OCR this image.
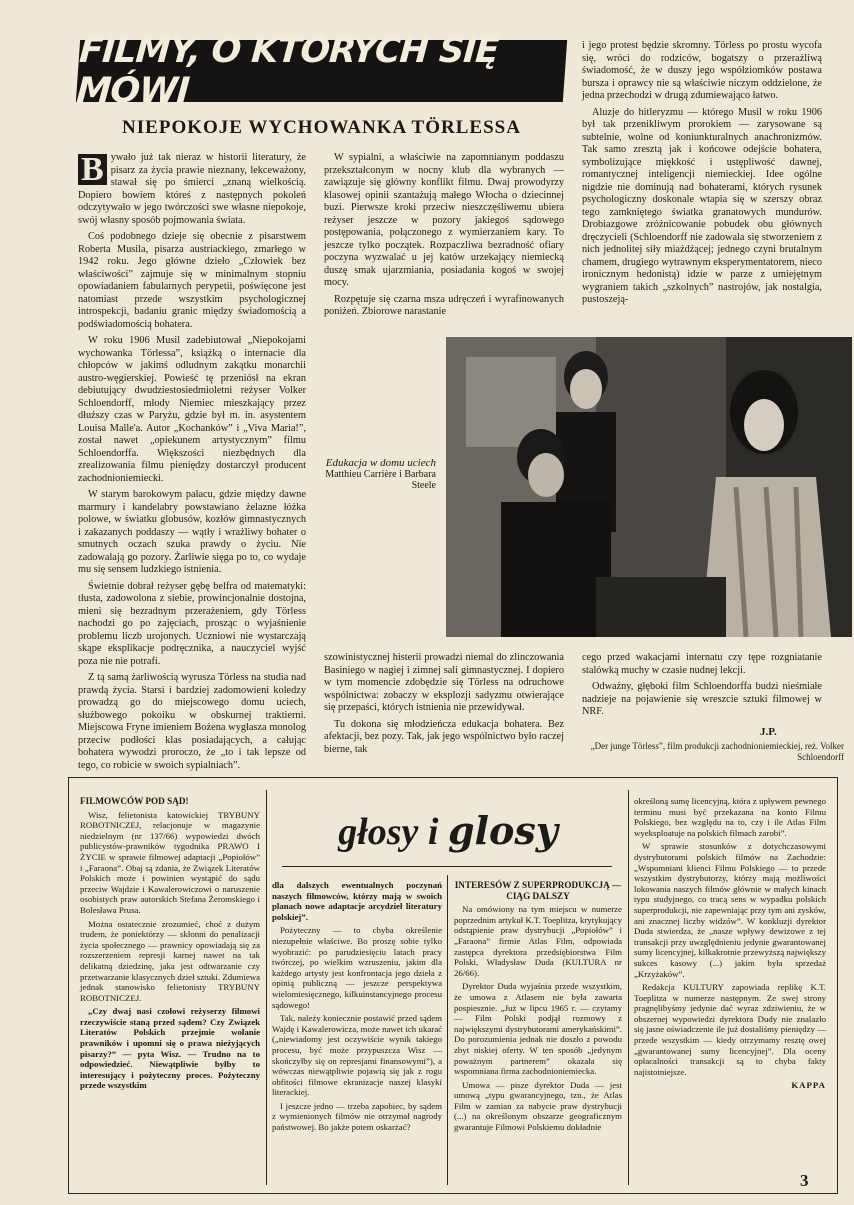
FILMY, O KTÓRYCH SIĘ MÓWI
NIEPOKOJE WYCHOWANKA TÖRLESSA

B ywało już tak nieraz w historii literatury, że pisarz za życia prawie nieznany, lekceważony, stawał się po śmierci „znaną wielkością. Dopiero bowiem któreś z następnych pokoleń odczytywało w jego twórczości swe własne niepokoje, swój własny sposób pojmowania świata.

Coś podobnego dzieje się obecnie z pisarstwem Roberta Musila, pisarza austriackiego, zmarłego w 1942 roku. Jego główne dzieło „Człowiek bez właściwości” zajmuje się w minimalnym stopniu opowiadaniem fabularnych perypetii, poświęcone jest natomiast przede wszystkim psychologicznej introspekcji, badaniu granic między świadomością a podświadomością bohatera.

W roku 1906 Musil zadebiutował „Niepokojami wychowanka Törlessa”, książką o internacie dla chłopców w jakimś odludnym zakątku monarchii austro-węgierskiej. Powieść tę przeniósł na ekran debiutujący dwudziestosiedmioletni reżyser Volker Schloendorff, młody Niemiec mieszkający przez dłuższy czas w Paryżu, gdzie był m. in. asystentem Louisa Malle'a. Autor „Kochanków” i „Viva Maria!”, został nawet „opiekunem artystycznym” filmu Schloendorffa. Większości niezbędnych dla zrealizowania filmu pieniędzy dostarczył producent zachodnioniemiecki.

W starym barokowym pałacu, gdzie między dawne marmury i kandelabry powstawiano żelazne łóżka polowe, w światku globusów, kozłów gimnastycznych i zakazanych poddaszy — wątły i wrażliwy bohater o smutnych oczach szuka prawdy o życiu. Nie zadowalają go pozory. Żarliwie sięga po to, co wydaje mu się sensem ludzkiego istnienia.

Świetnie dobrał reżyser gębę belfra od matematyki: tłusta, zadowolona z siebie, prowincjonalnie dostojna, mieni się bezradnym przerażeniem, gdy Törless nachodzi go po zajęciach, prosząc o wyjaśnienie problemu liczb urojonych. Uczniowi nie wystarczają skąpe eksplikacje podręcznika, a nauczyciel wyjść poza nie nie potrafi.

Z tą samą żarliwością wyrusza Törless na studia nad prawdą życia. Starsi i bardziej zadomowieni koledzy prowadzą go do miejscowego domu uciech, służbowego pokoiku w obskurnej traktierni. Miejscowa Fryne imieniem Bożena wygłasza monolog przeciw podłości klas posiadających, a całując bohatera wywodzi proroczo, że „to i tak lepsze od tego, co robicie w swoich sypialniach”.

W sypialni, a właściwie na zapomnianym poddaszu przekształconym w nocny klub dla wybranych — zawiązuje się główny konflikt filmu. Dwaj prowodyrzy klasowej opinii szantażują małego Włocha o dziecinnej buzi. Pierwsze kroki przeciw nieszczęśliwemu ubiera reżyser jeszcze w pozory jakiegoś sądowego postępowania, połączonego z wymierzaniem kary. To jeszcze tylko początek. Rozpaczliwa bezradność ofiary poczyna wyzwalać u jej katów urzekający niemiecką duszę smak ujarzmiania, posiadania kogoś w swojej mocy.

Rozpętuje się czarna msza udręczeń i wyrafinowanych poniżeń. Zbiorowe narastanie

i jego protest będzie skromny. Törless po prostu wycofa się, wróci do rodziców, bogatszy o przerażliwą świadomość, że w duszy jego współziomków postawa bursza i oprawcy nie są właściwie niczym oddzielone, że jedna przechodzi w drugą zdumiewająco łatwo.

Aluzje do hitleryzmu — którego Musil w roku 1906 był tak przenikliwym prorokiem — zarysowane są subtelnie, wolne od koniunkturalnych anachronizmów. Tak samo zresztą jak i końcowe odejście bohatera, symbolizujące miękkość i ustępliwość dawnej, romantycznej inteligencji niemieckiej. Idee ogólne nigdzie nie dominują nad bohaterami, których rysunek psychologiczny doskonale wtapia się w szerszy obraz tego zamkniętego światka granatowych mundurów. Drobiazgowe zróżnicowanie pobudek obu głównych dręczycieli (Schloendorff nie zadowala się stworzeniem z nich jednolitej siły miażdżącej; jednego czyni brutalnym chamem, drugiego wytrawnym eksperymentatorem, nieco ironicznym hedonistą) idzie w parze z umiejętnym wygraniem takich „szkolnych” nastrojów, jak nostalgia, pustoszeją-

Edukacja w domu uciech
Matthieu Carrière i Barbara Steele

szowinistycznej histerii prowadzi niemal do zlinczowania Basiniego w nagiej i zimnej sali gimnastycznej. I dopiero w tym momencie zdobędzie się Törless na odruchowe wspólnictwa: zobaczy w eksplozji sadyzmu otwierające się przepaści, których istnienia nie przewidywał.

Tu dokona się młodzieńcza edukacja bohatera. Bez afektacji, bez pozy. Tak, jak jego wspólnictwo było raczej bierne, tak

cego przed wakacjami internatu czy tępe rozgniatanie stalówką muchy w czasie nudnej lekcji.

Odważny, głęboki film Schloendorffa budzi nieśmiałe nadzieje na pojawienie się wreszcie sztuki filmowej w NRF.

J.P.
„Der junge Törless”, film produkcji zachodnioniemieckiej, reż. Volker Schloendorff
głosy i glosy

FILMOWCÓW POD SĄD!

Wisz, felietonista katowickiej TRYBUNY ROBOTNICZEJ, relacjonuje w magazynie niedzielnym (nr 137/66) wypowiedzi dwóch publicystów-prawników tygodnika PRAWO I ŻYCIE w sprawie filmowej adaptacji „Popiołów” i „Faraona”. Obaj są zdania, że Związek Literatów Polskich może i powinien wystąpić do sądu przeciw Wajdzie i Kawalerowiczowi o naruszenie osobistych praw autorskich Stefana Żeromskiego i Bolesława Prusa.

Można ostatecznie zrozumieć, choć z dużym trudem, że poniektórzy — skłonni do penalizacji życia społecznego — prawnicy opowiadają się za rozszerzeniem represji karnej nawet na tak delikatną dziedzinę, jaka jest odtwarzanie czy przetwarzanie klasycznych dzieł sztuki. Zdumiewa jednak stanowisko felietonisty TRYBUNY ROBOTNICZEJ.

„Czy dwaj nasi czołowi reżyserzy filmowi rzeczywiście staną przed sądem? Czy Związek Literatów Polskich przejmie wołanie prawników i upomni się o prawa nieżyjących pisarzy?” — pyta Wisz. — Trudno na to odpowiedzieć. Niewątpliwie byłby to interesujący i pożyteczny proces. Pożyteczny przede wszystkim

dla dalszych ewentualnych poczynań naszych filmowców, którzy mają w swoich planach nowe adaptacje arcydzieł literatury polskiej”.

Pożyteczny — to chyba określenie niezupełnie właściwe. Bo proszę sobie tylko wyobrazić: po parudziesięciu latach pracy twórczej, po wielkim wzruszeniu, jakim dla każdego artysty jest konfrontacja jego dzieła z opinią publiczną — jeszcze perspektywa wielomiesięcznego, kilkuinstancyjnego procesu sądowego!

Tak, należy koniecznie postawić przed sądem Wajdę i Kawalerowicza, może nawet ich ukarać („niewiadomy jest oczywiście wynik takiego procesu, być może przypuszcza Wisz — skończyłby się on represjami finansowymi”), a wówczas niewątpliwie pojawią się jak z rogu obfitości filmowe ekranizacje naszej klasyki literackiej.

I jeszcze jedno — trzeba zapobiec, by sądem z wymienionych filmów nie otrzymał nagrody państwowej. Bo jakże potem oskarżać?

INTERESÓW Z SUPERPRODUKCJĄ — CIĄG DALSZY

Na omówiony na tym miejscu w numerze poprzednim artykuł K.T. Toeplitza, krytykujący odstąpienie praw dystrybucji „Popiołów” i „Faraona” firmie Atlas Film, odpowiada zastępca dyrektora przedsiębiorstwa Film Polski, Władysław Duda (KULTURA nr 26/66).

Dyrektor Duda wyjaśnia przede wszystkim, że umowa z Atlasem nie była zawarta pospiesznie. „Już w lipcu 1965 r. — czytamy — Film Polski podjął rozmowy z największymi dystrybutorami amerykańskimi”. Do porozumienia jednak nie doszło z powodu zbyt niskiej oferty. W ten sposób „jedynym poważnym partnerem” okazała się wspomniana firma zachodnioniemiecka.

Umowa — pisze dyrektor Duda — jest umową „typu gwarancyjnego, tzn., że Atlas Film w zamian za nabycie praw dystrybucji (...) na określonym obszarze geograficznym gwarantuje Filmowi Polskiemu dokładnie

określoną sumę licencyjną, która z upływem pewnego terminu musi być przekazana na konto Filmu Polskiego, bez względu na to, czy i ile Atlas Film wyeksploatuje na polskich filmach zarobi”.

W sprawie stosunków z dotychczasowymi dystrybutorami polskich filmów na Zachodzie: „Wspomniani klienci Filmu Polskiego — to przede wszystkim dystrybutorzy, którzy mają możliwości lokowania naszych filmów głównie w małych kinach typu studyjnego, co tracą sens w wypadku polskich superprodukcji, nie zapewniając przy tym ani zysków, ani znacznej liczby widzów”. W konkluzji dyrektor Duda stwierdza, że „nasze wpływy dewizowe z tej transakcji przy uwzględnieniu jedynie gwarantowanej sumy licencyjnej, kilkakrotnie przewyższą największy sukces kasowy (...) jakim była sprzedaż „Krzyżaków”.

Redakcja KULTURY zapowiada replikę K.T. Toeplitza w numerze następnym. Ze swej strony pragnęlibyśmy jedynie dać wyraz zdziwieniu, że w obszernej wypowiedzi dyrektora Dudy nie znalazło się jasne oświadczenie ile już dostaliśmy pieniędzy — przede wszystkim — kiedy otrzymamy resztę owej „gwarantowanej sumy licencyjnej”. Dla oceny opłacalności transakcji są to chyba fakty najistotniejsze.

KAPPA

3
